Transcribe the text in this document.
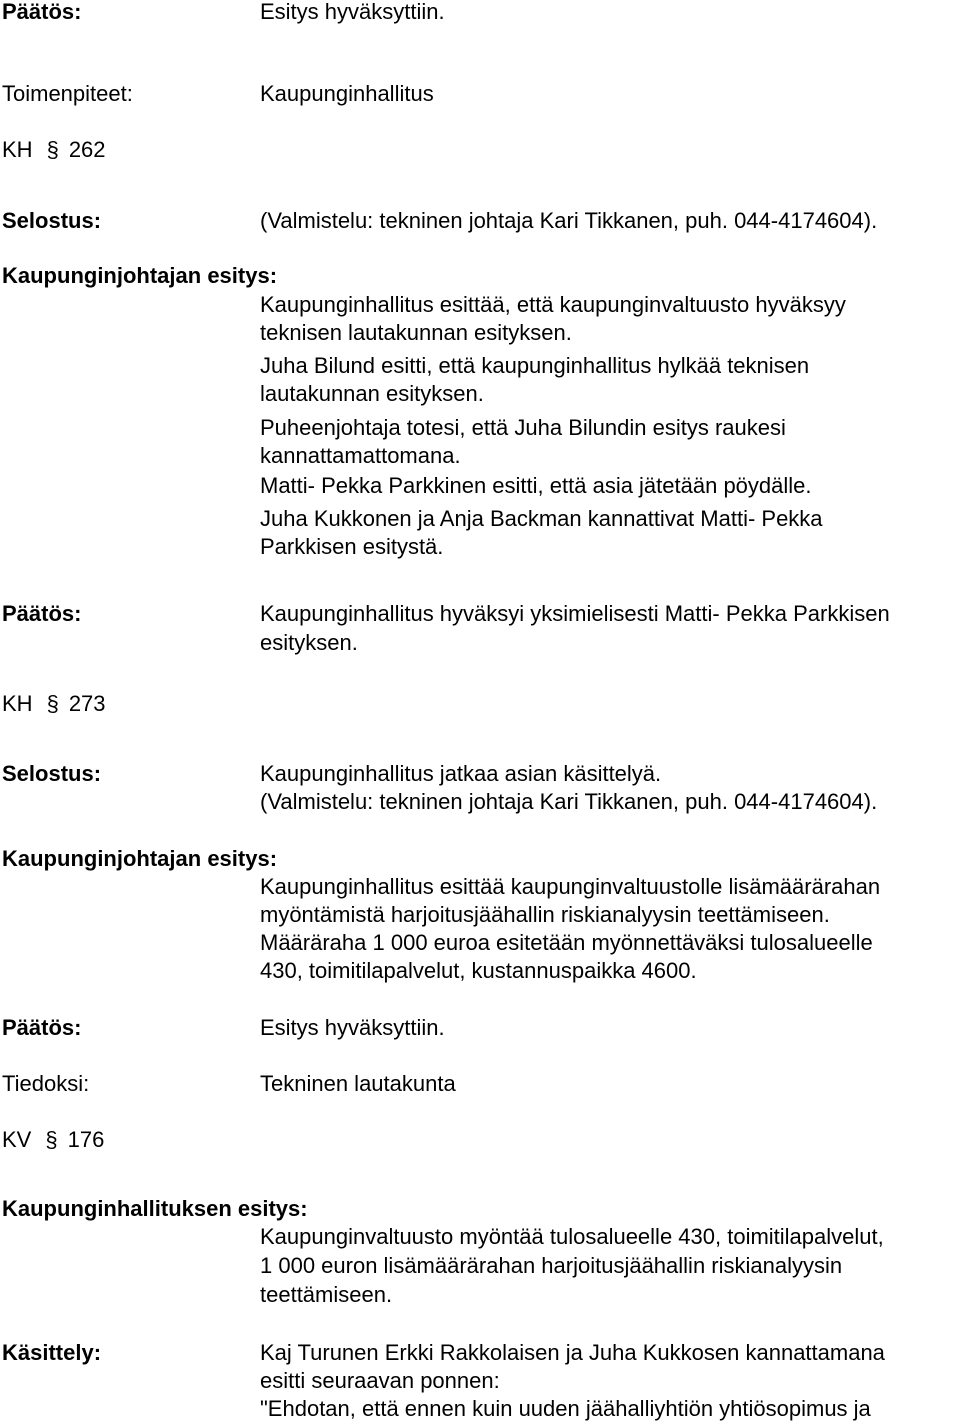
Päätös:	Esitys hyväksyttiin.

Toimenpiteet:	Kaupunginhallitus

KH § 262

Selostus:	(Valmistelu: tekninen johtaja Kari Tikkanen, puh. 044-4174604).

Kaupunginjohtajan esitys:

Kaupunginhallitus esittää, että kaupunginvaltuusto hyväksyy

teknisen lautakunnan esityksen.

Juha Bilund esitti, että kaupunginhallitus hylkää teknisen

lautakunnan esityksen.

Puheenjohtaja totesi, että Juha Bilundin esitys raukesi

kannattamattomana.

Matti- Pekka Parkkinen esitti, että asia jätetään pöydälle.

Juha Kukkonen ja Anja Backman kannattivat Matti- Pekka

Parkkisen esitystä.

Päätös:	Kaupunginhallitus hyväksyi yksimielisesti Matti- Pekka Parkkisen

esityksen.

KH § 273

Selostus:	Kaupunginhallitus jatkaa asian käsittelyä.

(Valmistelu: tekninen johtaja Kari Tikkanen, puh. 044-4174604).

Kaupunginjohtajan esitys:

Kaupunginhallitus esittää kaupunginvaltuustolle lisämäärärahan

myöntämistä harjoitusjäähallin riskianalyysin teettämiseen.

Määräraha 1 000 euroa esitetään myönnettäväksi tulosalueelle

430, toimitilapalvelut, kustannuspaikka 4600.

Päätös:	Esitys hyväksyttiin.

Tiedoksi:	Tekninen lautakunta

KV § 176

Kaupunginhallituksen esitys:

Kaupunginvaltuusto myöntää tulosalueelle 430, toimitilapalvelut,

1 000 euron lisämäärärahan harjoitusjäähallin riskianalyysin

teettämiseen.

Käsittely:	Kaj Turunen Erkki Rakkolaisen ja Juha Kukkosen kannattamana

esitti seuraavan ponnen:

"Ehdotan, että ennen kuin uuden jäähalliyhtiön yhtiösopimus ja
